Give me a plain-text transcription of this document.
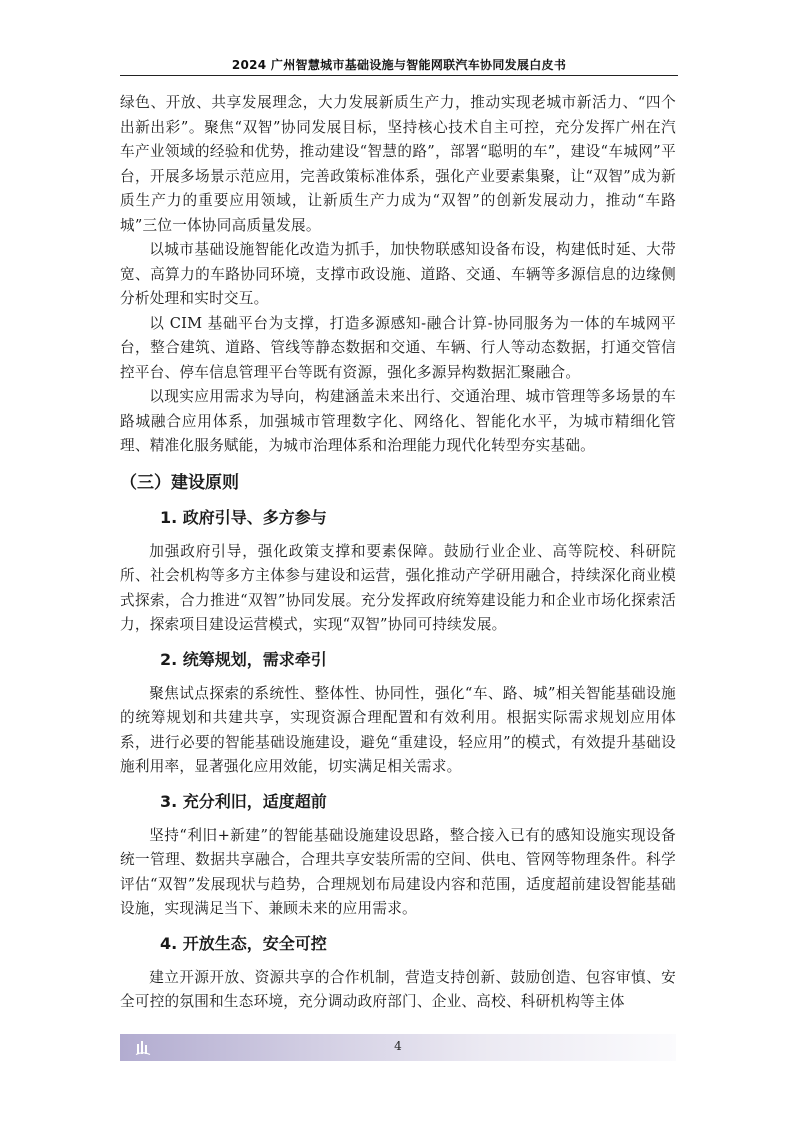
2024 广州智慧城市基础设施与智能网联汽车协同发展白皮书

绿色、开放、共享发展理念，大力发展新质生产力，推动实现老城市新活力、“四个出新出彩”。聚焦“双智”协同发展目标，坚持核心技术自主可控，充分发挥广州在汽车产业领域的经验和优势，推动建设“智慧的路”，部署“聪明的车”，建设“车城网”平台，开展多场景示范应用，完善政策标准体系，强化产业要素集聚，让“双智”成为新质生产力的重要应用领域，让新质生产力成为“双智”的创新发展动力，推动“车路城”三位一体协同高质量发展。

以城市基础设施智能化改造为抓手，加快物联感知设备布设，构建低时延、大带宽、高算力的车路协同环境，支撑市政设施、道路、交通、车辆等多源信息的边缘侧分析处理和实时交互。

以 CIM 基础平台为支撑，打造多源感知-融合计算-协同服务为一体的车城网平台，整合建筑、道路、管线等静态数据和交通、车辆、行人等动态数据，打通交管信控平台、停车信息管理平台等既有资源，强化多源异构数据汇聚融合。

以现实应用需求为导向，构建涵盖未来出行、交通治理、城市管理等多场景的车路城融合应用体系，加强城市管理数字化、网络化、智能化水平，为城市精细化管理、精准化服务赋能，为城市治理体系和治理能力现代化转型夯实基础。

（三）建设原则
1. 政府引导、多方参与

加强政府引导，强化政策支撑和要素保障。鼓励行业企业、高等院校、科研院所、社会机构等多方主体参与建设和运营，强化推动产学研用融合，持续深化商业模式探索，合力推进“双智”协同发展。充分发挥政府统筹建设能力和企业市场化探索活力，探索项目建设运营模式，实现“双智”协同可持续发展。

2. 统筹规划，需求牵引

聚焦试点探索的系统性、整体性、协同性，强化“车、路、城”相关智能基础设施的统筹规划和共建共享，实现资源合理配置和有效利用。根据实际需求规划应用体系，进行必要的智能基础设施建设，避免“重建设，轻应用”的模式，有效提升基础设施利用率，显著强化应用效能，切实满足相关需求。

3. 充分利旧，适度超前

坚持“利旧+新建”的智能基础设施建设思路，整合接入已有的感知设施实现设备统一管理、数据共享融合，合理共享安装所需的空间、供电、管网等物理条件。科学评估“双智”发展现状与趋势，合理规划布局建设内容和范围，适度超前建设智能基础设施，实现满足当下、兼顾未来的应用需求。

4. 开放生态，安全可控

建立开源开放、资源共享的合作机制，营造支持创新、鼓励创造、包容审慎、安全可控的氛围和生态环境，充分调动政府部门、企业、高校、科研机构等主体

4
